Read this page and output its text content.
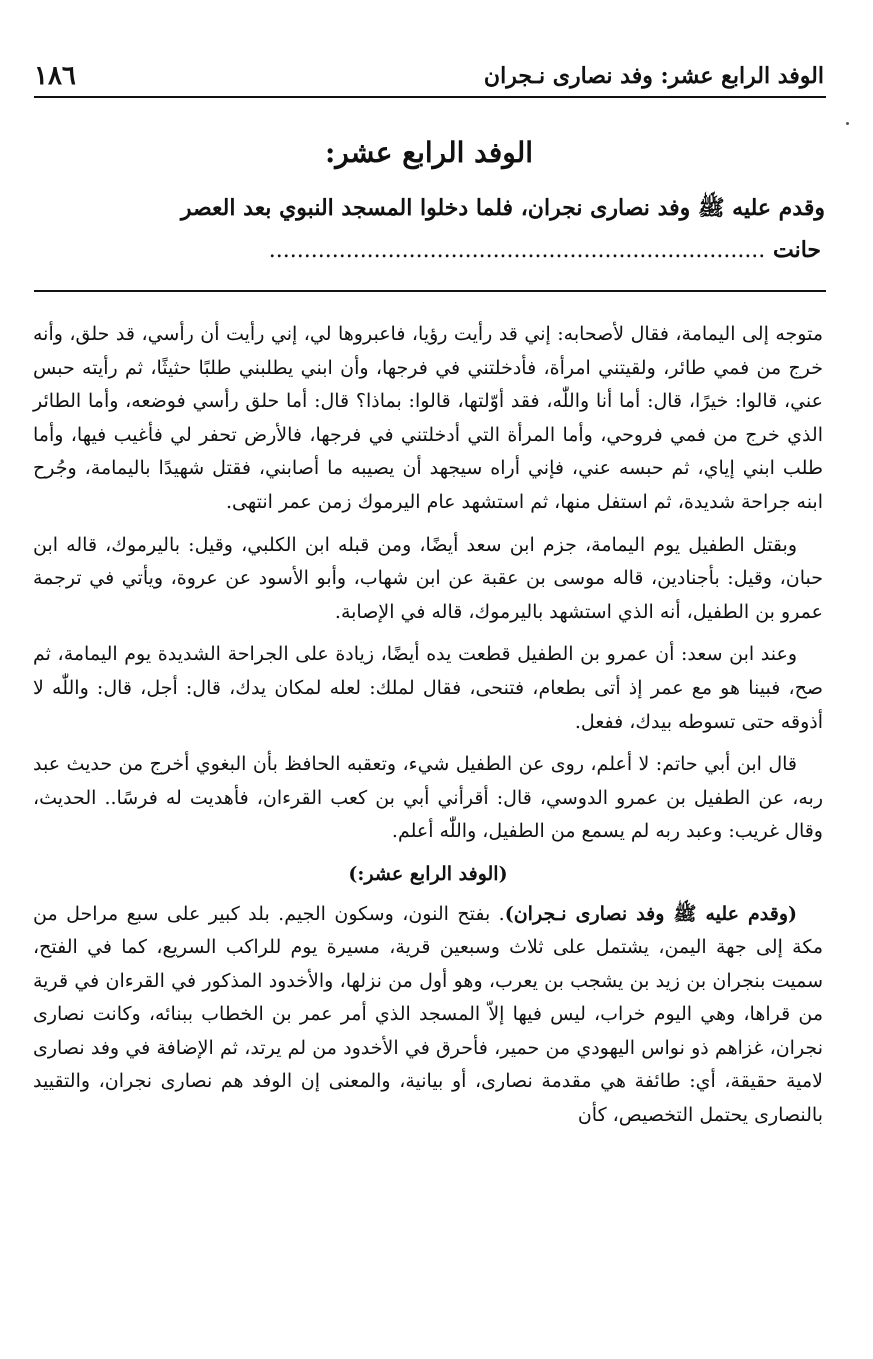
الوفد الرابع عشر: وفد نصارى نـجران
١٨٦
الوفد الرابع عشر:
وقدم عليه ﷺ وفد نصارى نجران، فلما دخلوا المسجد النبوي بعد العصر
حانت .......................................................................

متوجه إلى اليمامة، فقال لأصحابه: إني قد رأيت رؤيا، فاعبروها لي، إني رأيت أن رأسي، قد حلق، وأنه خرج من فمي طائر، ولقيتني امرأة، فأدخلتني في فرجها، وأن ابني يطلبني طلبًا حثيثًا، ثم رأيته حبس عني، قالوا: خيرًا، قال: أما أنا واللّٰه، فقد أوّلتها، قالوا: بماذا؟ قال: أما حلق رأسي فوضعه، وأما الطائر الذي خرج من فمي فروحي، وأما المرأة التي أدخلتني في فرجها، فالأرض تحفر لي فأغيب فيها، وأما طلب ابني إياي، ثم حبسه عني، فإني أراه سيجهد أن يصيبه ما أصابني، فقتل شهيدًا باليمامة، وجُرح ابنه جراحة شديدة، ثم استفل منها، ثم استشهد عام اليرموك زمن عمر انتهى.

وبقتل الطفيل يوم اليمامة، جزم ابن سعد أيضًا، ومن قبله ابن الكلبي، وقيل: باليرموك، قاله ابن حبان، وقيل: بأجنادين، قاله موسى بن عقبة عن ابن شهاب، وأبو الأسود عن عروة، ويأتي في ترجمة عمرو بن الطفيل، أنه الذي استشهد باليرموك، قاله في الإصابة.

وعند ابن سعد: أن عمرو بن الطفيل قطعت يده أيضًا، زيادة على الجراحة الشديدة يوم اليمامة، ثم صح، فبينا هو مع عمر إذ أتى بطعام، فتنحى، فقال لملك: لعله لمكان يدك، قال: أجل، قال: واللّٰه لا أذوقه حتى تسوطه بيدك، ففعل.

قال ابن أبي حاتم: لا أعلم، روى عن الطفيل شيء، وتعقبه الحافظ بأن البغوي أخرج من حديث عبد ربه، عن الطفيل بن عمرو الدوسي، قال: أقرأني أبي بن كعب القرءان، فأهديت له فرسًا.. الحديث، وقال غريب: وعبد ربه لم يسمع من الطفيل، واللّٰه أعلم.

(الوفد الرابع عشر:)

(وقدم عليه ﷺ وفد نصارى نـجران). بفتح النون، وسكون الجيم. بلد كبير على سبع مراحل من مكة إلى جهة اليمن، يشتمل على ثلاث وسبعين قرية، مسيرة يوم للراكب السريع، كما في الفتح، سميت بنجران بن زيد بن يشجب بن يعرب، وهو أول من نزلها، والأخدود المذكور في القرءان في قرية من قراها، وهي اليوم خراب، ليس فيها إلاّ المسجد الذي أمر عمر بن الخطاب ببنائه، وكانت نصارى نجران، غزاهم ذو نواس اليهودي من حمير، فأحرق في الأخدود من لم يرتد، ثم الإضافة في وفد نصارى لامية حقيقة، أي: طائفة هي مقدمة نصارى، أو بيانية، والمعنى إن الوفد هم نصارى نجران، والتقييد بالنصارى يحتمل التخصيص، كأن
